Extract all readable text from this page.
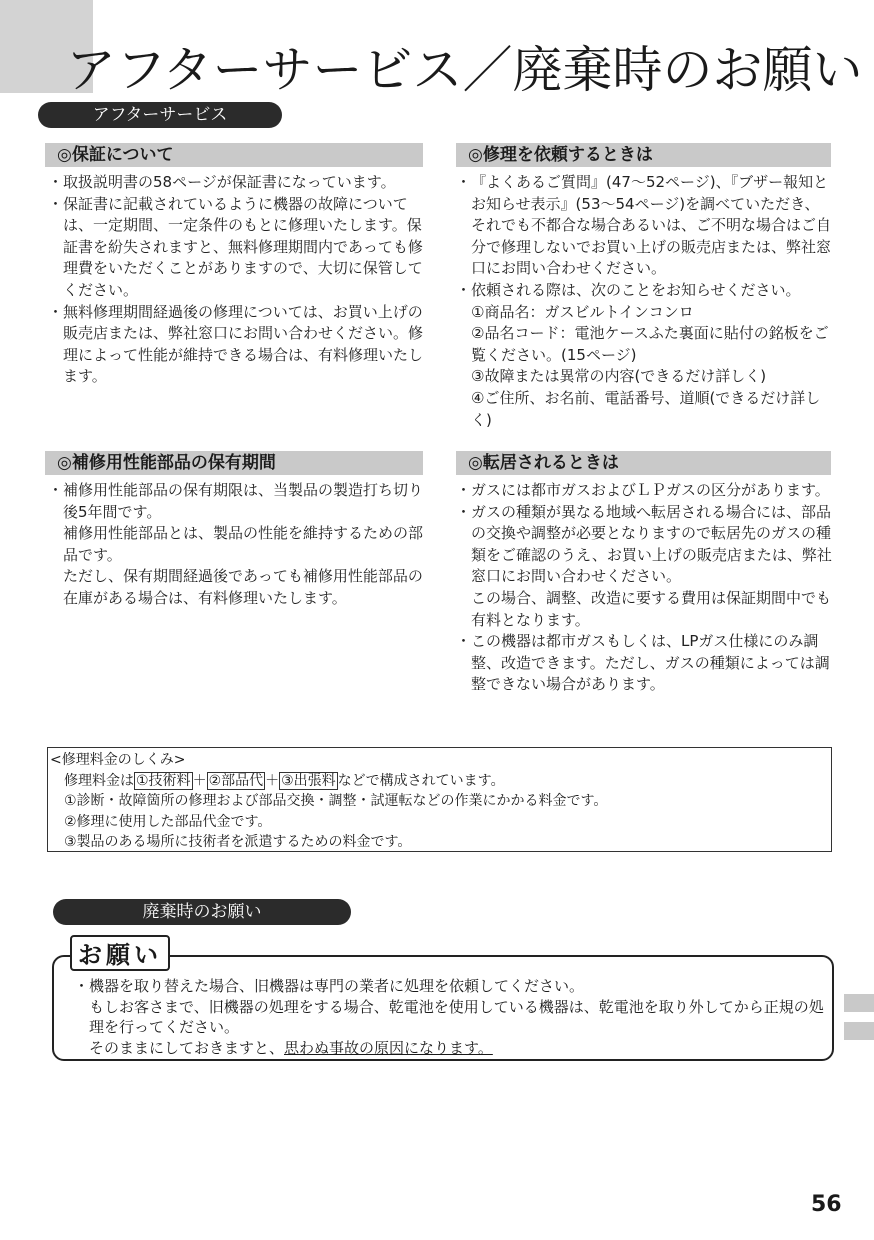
アフターサービス／廃棄時のお願い
アフターサービス
◎保証について
・ 取扱説明書の58ページが保証書になっています。
・ 保証書に記載されているように機器の故障については、一定期間、一定条件のもとに修理いたします。保証書を紛失されますと、無料修理期間内であっても修理費をいただくことがありますので、大切に保管してください。
・ 無料修理期間経過後の修理については、お買い上げの販売店または、弊社窓口にお問い合わせください。修理によって性能が維持できる場合は、有料修理いたします。
◎修理を依頼するときは
・ 『よくあるご質問』(47〜52ページ)、『ブザー報知とお知らせ表示』(53〜54ページ)を調べていただき、それでも不都合な場合あるいは、ご不明な場合はご自分で修理しないでお買い上げの販売店または、弊社窓口にお問い合わせください。
・ 依頼される際は、次のことをお知らせください。
①商品名：ガスビルトインコンロ
②品名コード：電池ケースふた裏面に貼付の銘板をご覧ください。(15ページ)
③故障または異常の内容(できるだけ詳しく)
④ご住所、お名前、電話番号、道順(できるだけ詳しく)
◎補修用性能部品の保有期間
・ 補修用性能部品の保有期限は、当製品の製造打ち切り後5年間です。
補修用性能部品とは、製品の性能を維持するための部品です。
ただし、保有期間経過後であっても補修用性能部品の在庫がある場合は、有料修理いたします。
◎転居されるときは
・ ガスには都市ガスおよびＬＰガスの区分があります。
・ ガスの種類が異なる地域へ転居される場合には、部品の交換や調整が必要となりますので転居先のガスの種類をご確認のうえ、お買い上げの販売店または、弊社窓口にお問い合わせください。
この場合、調整、改造に要する費用は保証期間中でも有料となります。
・ この機器は都市ガスもしくは、LPガス仕様にのみ調整、改造できます。ただし、ガスの種類によっては調整できない場合があります。
<修理料金のしくみ>
修理料金は ①技術料 ＋ ②部品代 ＋ ③出張料 などで構成されています。
①診断・故障箇所の修理および部品交換・調整・試運転などの作業にかかる料金です。
②修理に使用した部品代金です。
③製品のある場所に技術者を派遣するための料金です。
廃棄時のお願い
お願い
・ 機器を取り替えた場合、旧機器は専門の業者に処理を依頼してください。
もしお客さまで、旧機器の処理をする場合、乾電池を使用している機器は、乾電池を取り外してから正規の処理を行ってください。
そのままにしておきますと、思わぬ事故の原因になります。
56
